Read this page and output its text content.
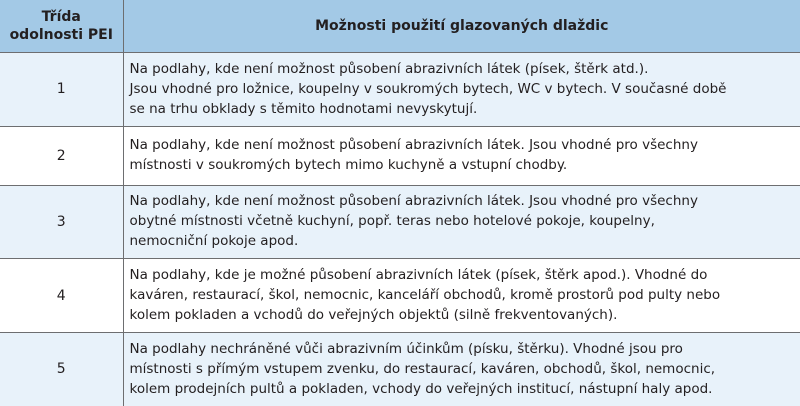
Třída
odolnosti PEI	Možnosti použití glazovaných dlaždic
1	Na podlahy, kde není možnost působení abrazivních látek (písek, štěrk atd.).
Jsou vhodné pro ložnice, koupelny v soukromých bytech, WC v bytech. V současné době
se na trhu obklady s těmito hodnotami nevyskytují.

2	Na podlahy, kde není možnost působení abrazivních látek. Jsou vhodné pro všechny
místnosti v soukromých bytech mimo kuchyně a vstupní chodby.

3	Na podlahy, kde není možnost působení abrazivních látek. Jsou vhodné pro všechny
obytné místnosti včetně kuchyní, popř. teras nebo hotelové pokoje, koupelny,
nemocniční pokoje apod.

4	Na podlahy, kde je možné působení abrazivních látek (písek, štěrk apod.). Vhodné do
kaváren, restaurací, škol, nemocnic, kanceláří obchodů, kromě prostorů pod pulty nebo
kolem pokladen a vchodů do veřejných objektů (silně frekventovaných).

5	Na podlahy nechráněné vůči abrazivním účinkům (písku, štěrku). Vhodné jsou pro
místnosti s přímým vstupem zvenku, do restaurací, kaváren, obchodů, škol, nemocnic,
kolem prodejních pultů a pokladen, vchody do veřejných institucí, nástupní haly apod.
